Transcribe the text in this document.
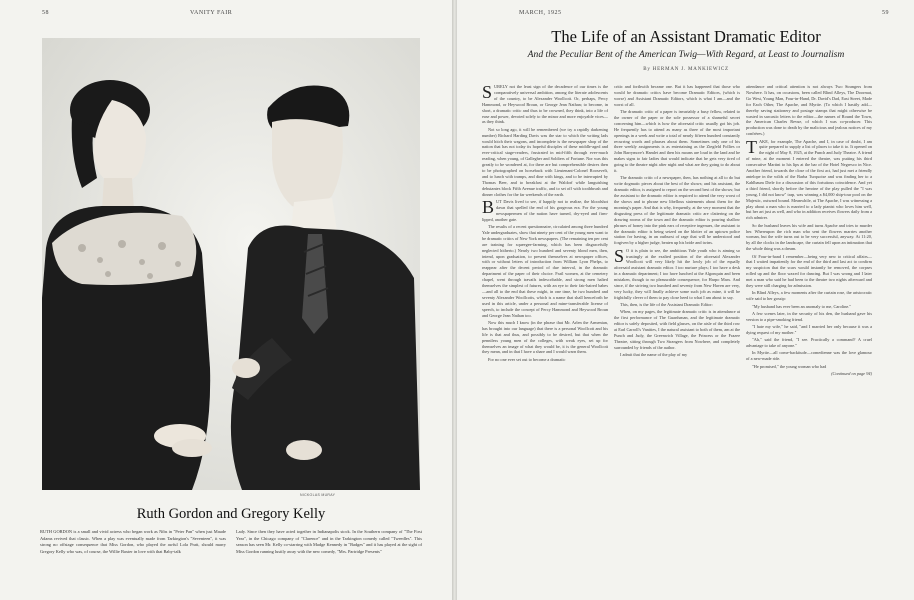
58	VANITY FAIR
NICKOLAS MURAY
Ruth Gordon and Gregory Kelly
RUTH GORDON is a small and vivid actress who began work as Nibs in "Peter Pan" when just Maude Adams revived that classic. When a play was eventually made from Tarkington's "Seventeen", it was strong no offstage consequence that Miss Gordon, who played the awful Lola Pratt, should marry Gregory Kelly who was, of course, the Willie Baxter in love with that Baby-talk
Lady. Since then they have acted together in Indianapolis stock. In the Southern company of "The First Year", in the Chicago company of "Clarence" and in the Tarkington comedy called "Tweedles". This season has seen Mr. Kelly co-starring with Madge Kennedy in "Badges" and it has played at the sight of Miss Gordon running lustily away with the new comedy, "Mrs. Partridge Presents"
MARCH, 1925	59
The Life of an Assistant Dramatic Editor
And the Peculiar Bent of the American Twig—With Regard, at Least to Journalism
By HERMAN J. MANKIEWICZ

SURELY not the least sign of the decadence of our times is the comparatively universal ambition, among the literate adolescents of the country, to be Alexander Woollcott. Or, perhaps, Percy Hammond, or Heywood Broun, or George Jean Nathan; to become, in short, a dramatic critic and thus to be crowned, they think, into a life of ease and power, devoted solely to the minor and more enjoyable vices—as they think.

Not so long ago, it will be remembered (we try a rapidly darkening number) Richard Harding Davis was the star to which the writing lads would hitch their wagons, and incomplete is the newspaper shop of the nation that has not today its hopeful disciples of these middle-aged and ever-critical stage-readers, frustrated in mid-fifth through ever-much reading, when young, of Gallegher and Soldiers of Fortune. Nor was this greatly to be wondered at, for there are but comprehensible desires then to be photographed on horseback with Lieutenant-Colonel Roosevelt, and to lunch with tramps, and dine with kings, and to be interrupted by Thomas Beer, and to breakfast at the Waldorf while languishing debutantes block Fifth Avenue traffic, and to set off with toothbrush and dinner clothes for the far weekends of the earth.

BUT Davis lived to see, if happily not to realize, the bloodshot dawn that spelled the end of his gorgeous era. For the young newspapermen of the nation have turned, dry-eyed and firm-lipped, another gate.

The results of a recent questionnaire, circulated among three hundred Yale undergraduates, show that ninety per cent of the young men want to be dramatic critics of New York newspapers. (The remaining ten per cent are training for squeegee-farming, which has been disgracefully neglected hitherto.) Nearly two hundred and seventy blond men, then, intend, upon graduation, to present themselves at newspaper offices, with or without letters of introduction from William Lyon Phelps, to reappear after the decent period of due interval, in the dramatic department of the paper of their choice. Frail women, at the cemetery chapel, went through travails indescribable, and strong men halted themselves the simplest of futures, with an eye to their fair-haired babes—and all to the end that these might, in one time, be two hundred and seventy Alexander Woollcotts, which is a name that shall henceforth be used in this article, under a personal and mine-transferable license of speech, to include the concept of Percy Hammond and Heywood Broun and George Jean Nathan too.

Now this much I know (in the phrase that Mr. Arlen the Armenian, has brought into our language) that there is a personal Woollcott and his life is that and thus, and possibly to be desired, but that when the penniless young men of the colleges, with weak eyes, set up for themselves an image of what they would be, it is the general Woollcott they mean, and in that I have a share and I would warn them.

For no one ever set out to become a dramatic

critic and forthwith became one. But it has happened that those who would be dramatic critics have become Dramatic Editors, (which is worse) and Assistant Dramatic Editors, which is what I am—and the worst of all.

The dramatic critic of a paper is invariably a busy fellow, related to the owner of the paper or the sole possessor of a shameful secret concerning him—which is how the aforesaid critic usually got his job. He frequently has to attend as many as three of the most important openings in a week and write a total of nearly fifteen hundred constantly recurring words and phrases about them. Sometimes only one of his three weekly assignments is as entertaining as the Ziegfeld Follies or John Barrymore's Hamlet and then his moans are loud in the land and he makes signs to fair ladies that would indicate that he gets very tired of going to the theatre night after night and what are they going to do about it.

The dramatic critic of a newspaper, then, has nothing at all to do but write dogmatic pieces about the best of the shows; and his assistant, the dramatic editor, is assigned to report on the second best of the shows; but the assistant to the dramatic editor is required to attend the very worst of the shows and to phrase new libellous statements about them for the morning's paper. And that is why, frequently, at the very moment that the disgusting press of the legitimate dramatic critic are clattering on the drawing rooms of the town and the dramatic editor is pouring shallow phrases of honey into the pink ears of receptive ingenues, the assistant to the dramatic editor is being seized on the blotter of an uptown police station for having, in an outburst of rage that will be understood and forgiven by a higher judge, beaten up his bride and twins.

S O it is plain to see, the ambitious Yale youth who is aiming so trustingly at the exalted position of the aforesaid Alexander Woollcott will very likely hit the lowly job of the equally aforesaid assistant dramatic editor. I too nurture plays; I too have a desk in a dramatic department; I too have lunched at the Algonquin and been mistaken, though to no pleasurable consequence, for Harpo Marx. And since, if the striving two hundred and seventy from New Haven are very, very lucky, they will finally achieve some such job as mine, it will be frightfully clever of them to pay close heed to what I am about to say.

This, then, is the life of the Assistant Dramatic Editor:

When, on my pages, the legitimate dramatic critic is in attendance at the first performance of The Guardsman, and the legitimate dramatic editor is safely deposited, with field glasses, on the aisle of the third row at Earl Carroll's Vanities, I the natural assistant to both of them, am at the Punch and Judy, the Greenwich Village, the Princess or the Frazee Theatre, sitting through Two Strangers from Nowhere, and completely surrounded by friends of the author.

I admit that the name of the play of my

attendance and critical attention is not always Two Strangers from Nowhere. It has, on occasions, been called Blind Alleys, The Doormat, Go West, Young Man, Four-in-Hand, Dr. David's Dad, East Street, Made for Each Other, The Apache, and Myrtie. (To which I hastily add—thereby saving stationery and postage stamps that might otherwise be wasted in sarcastic letters to the editor—the names of Round the Town, the American Charles Revue, of which I was co-producer. This production was done to death by the malicious and jealous notices of my confrères.)

TAKE, for example, The Apache, and I, in case of doubt, I am quite prepared to supply a list of places to take it to. It opened on the night of May 8, 1925, at the Punch and Judy Theatre. A friend of mine, at the moment I entered the theatre, was putting his third consecutive Martini to his lips at the bar of the Hotel Negresco in Nice. Another friend, towards the close of the first act, had just met a friendly antelope in the wilds of the Barba Turquoise and was finding her to a Kahlbaum Diele for a discussion of this fortuitous coincidence. And yet a third friend, shortly before the heroine of the play pulled the "I was young, I did not know" trap, was winning a $4,000 ship-tour pool on the Majestic, outward bound. Meanwhile, at The Apache, I was witnessing a play about a man who is married to a lady pianist who loves him well, but her art just as well, and who in addition receives flowers daily from a rich admirer.

So the husband leaves his wife and turns Apache and tries to murder her. Whereupon the rich man who sent the flowers marries another woman, but the wife turns out to be very successful, anyway. At 11:20, by all the clocks in the landscape, the curtain fell upon an intimation that the whole thing was a dream.

Of Four-in-hand I remember—being very new to critical affairs—that I waited impatiently for the end of the third and last act to confirm my suspicion that the scars would instantly be removed, the corpses rolled up and the floor waxed for dancing. But I was wrong and I later met a man who said he had been to the theatre two nights afterward and they were still charging for admission.

In Blind Alleys, a few moments after the curtain rose, the aristocratic wife said to her gossip:

"My husband has ever been an anomaly to me, Caroline."

A few scenes later, in the security of his den, the husband gave his version to a pipe-smoking friend.

"I hate my wife," he said, "and I married her only because it was a dying request of my mother."

"Ah," said the friend, "I see. Practically a command? A cruel advantage to take of anyone."

In Myrtie—all come-backitude—comedienne was the love glamour of a new-made ride.

"He promised," the young woman who had

(Continued on page 94)
